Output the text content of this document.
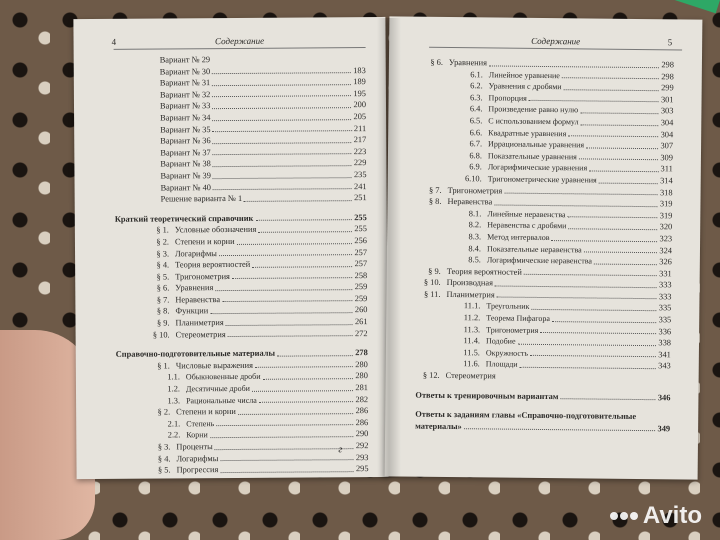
4	Содержание
Вариант № 29
Вариант № 30	183
Вариант № 31	189
Вариант № 32	195
Вариант № 33	200
Вариант № 34	205
Вариант № 35	211
Вариант № 36	217
Вариант № 37	223
Вариант № 38	229
Вариант № 39	235
Вариант № 40	241
Решение варианта № 1	251
Краткий теоретический справочник	255
§ 1. Условные обозначения	255
§ 2. Степени и корни	256
§ 3. Логарифмы	257
§ 4. Теория вероятностей	257
§ 5. Тригонометрия	258
§ 6. Уравнения	259
§ 7. Неравенства	259
§ 8. Функции	260
§ 9. Планиметрия	261
§ 10. Стереометрия	272
Справочно-подготовительные материалы	278
§ 1. Числовые выражения	280
1.1. Обыкновенные дроби	280
1.2. Десятичные дроби	281
1.3. Рациональные числа	282
§ 2. Степени и корни	286
2.1. Степень	286
2.2. Корни	290
§ 3. Проценты	292
§ 4. Логарифмы	293
§ 5. Прогрессия	295
г
Содержание	5
§ 6. Уравнения	298
6.1. Линейное уравнение	298
6.2. Уравнения с дробями	299
6.3. Пропорция	301
6.4. Произведение равно нулю	303
6.5. С использованием формул	304
6.6. Квадратные уравнения	304
6.7. Иррациональные уравнения	307
6.8. Показательные уравнения	309
6.9. Логарифмические уравнения	311
6.10. Тригонометрические уравнения	314
§ 7. Тригонометрия	318
§ 8. Неравенства	319
8.1. Линейные неравенства	319
8.2. Неравенства с дробями	320
8.3. Метод интервалов	323
8.4. Показательные неравенства	324
8.5. Логарифмические неравенства	326
§ 9. Теория вероятностей	331
§ 10. Производная	333
§ 11. Планиметрия	333
11.1. Треугольник	335
11.2. Теорема Пифагора	335
11.3. Тригонометрия	336
11.4. Подобие	338
11.5. Окружность	341
11.6. Площади	343
§ 12. Стереометрия
Ответы к тренировочным вариантам	346
Ответы к заданиям главы «Справочно-подготовительные
материалы»	349
Avito
